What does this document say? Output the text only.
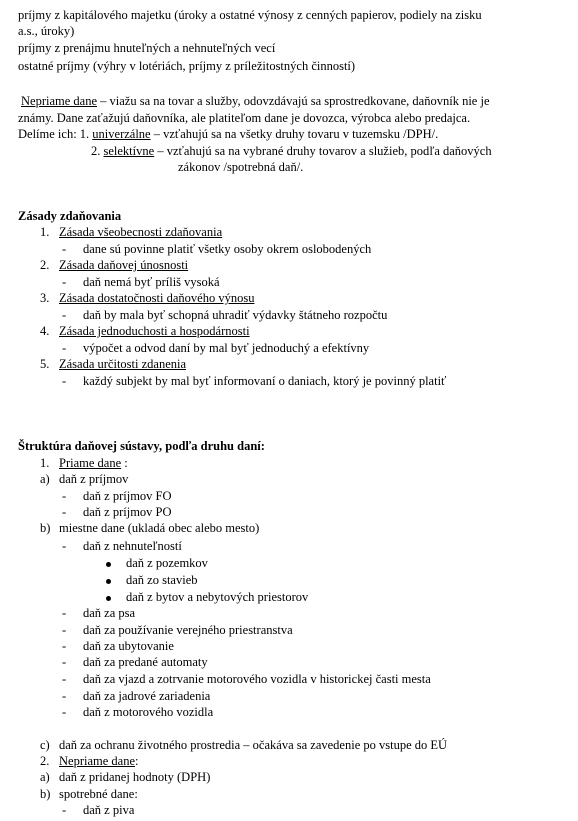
príjmy z kapitálového majetku (úroky a ostatné výnosy z cenných papierov, podiely na zisku
a.s., úroky)
príjmy z prenájmu hnuteľných a nehnuteľných vecí
ostatné príjmy (výhry v lotériách, príjmy z príležitostných činností)
Nepriame dane – viažu sa na tovar a služby, odovzdávajú sa sprostredkovane, daňovník nie je
známy. Dane zaťažujú daňovníka, ale platiteľom dane je dovozca, výrobca alebo predajca.
Delíme ich: 1. univerzálne – vzťahujú sa na všetky druhy tovaru v tuzemsku /DPH/.
2. selektívne – vzťahujú sa na vybrané druhy tovarov a služieb, podľa daňových
zákonov /spotrebná daň/.
Zásady zdaňovania
1. Zásada všeobecnosti zdaňovania
- dane sú povinne platiť všetky osoby okrem oslobodených
2. Zásada daňovej únosnosti
- daň nemá byť príliš vysoká
3. Zásada dostatočnosti daňového výnosu
- daň by mala byť schopná uhradiť výdavky štátneho rozpočtu
4. Zásada jednoduchosti a hospodárnosti
- výpočet a odvod daní by mal byť jednoduchý a efektívny
5. Zásada určitosti zdanenia
- každý subjekt by mal byť informovaní o daniach, ktorý je povinný platiť
Štruktúra daňovej sústavy, podľa druhu daní:
1. Priame dane :
a) daň z príjmov
- daň z príjmov FO
- daň z príjmov PO
b) miestne dane (ukladá obec alebo mesto)
- daň z nehnuteľností
daň z pozemkov
daň zo stavieb
daň z bytov a nebytových priestorov
- daň za psa
- daň za používanie verejného priestranstva
- daň za ubytovanie
- daň za predané automaty
- daň za vjazd a zotrvanie motorového vozidla v historickej časti mesta
- daň za jadrové zariadenia
- daň z motorového vozidla
c) daň za ochranu životného prostredia – očakáva sa zavedenie po vstupe do EÚ
2. Nepriame dane:
a) daň z pridanej hodnoty (DPH)
b) spotrebné dane:
- daň z piva
